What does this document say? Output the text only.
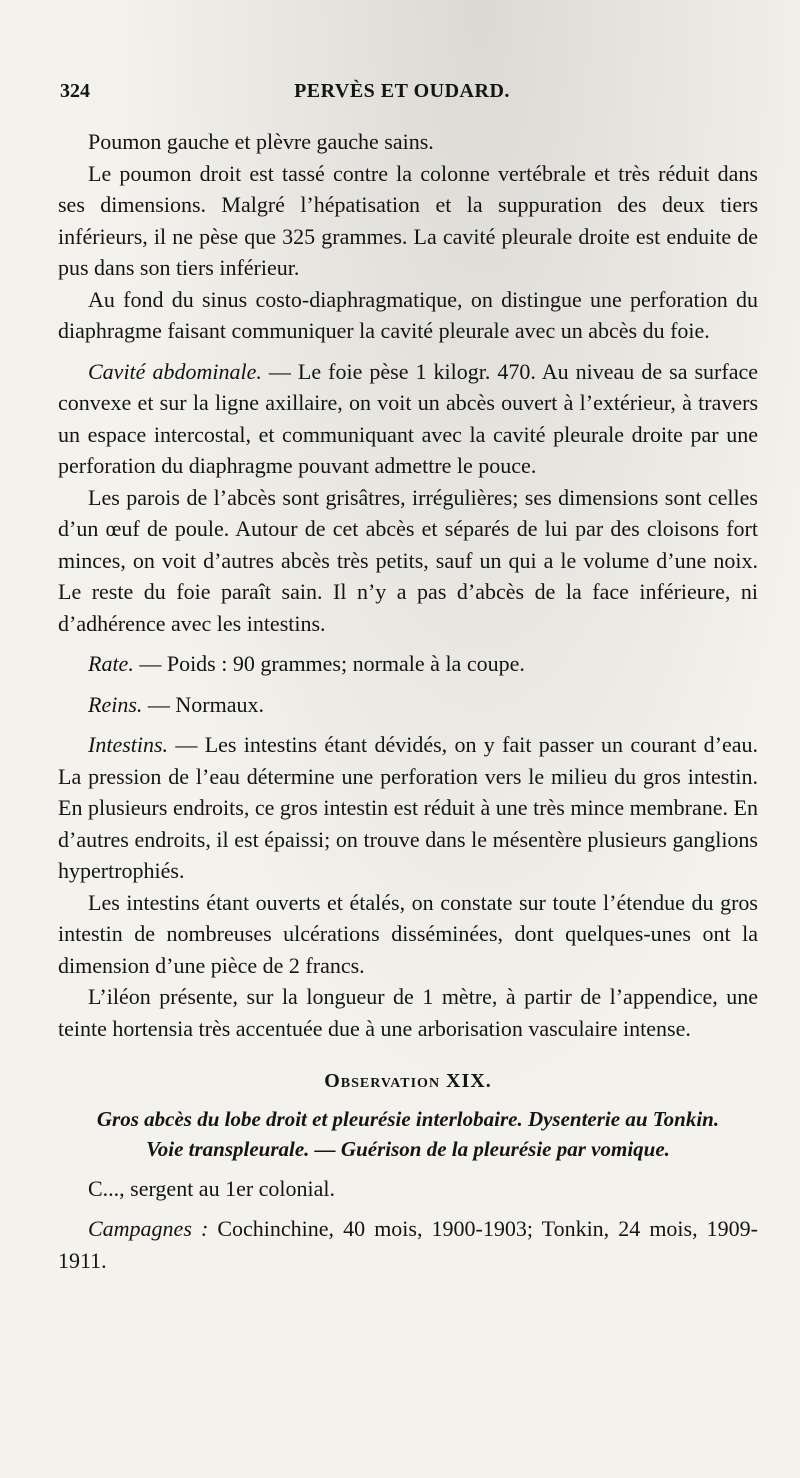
324	PERVÈS ET OUDARD.

Poumon gauche et plèvre gauche sains.

Le poumon droit est tassé contre la colonne vertébrale et très réduit dans ses dimensions. Malgré l’hépatisation et la suppuration des deux tiers inférieurs, il ne pèse que 325 grammes. La cavité pleurale droite est enduite de pus dans son tiers inférieur.

Au fond du sinus costo-diaphragmatique, on distingue une perforation du diaphragme faisant communiquer la cavité pleurale avec un abcès du foie.

Cavité abdominale. — Le foie pèse 1 kilogr. 470. Au niveau de sa surface convexe et sur la ligne axillaire, on voit un abcès ouvert à l’extérieur, à travers un espace intercostal, et communiquant avec la cavité pleurale droite par une perforation du diaphragme pouvant admettre le pouce.

Les parois de l’abcès sont grisâtres, irrégulières; ses dimensions sont celles d’un œuf de poule. Autour de cet abcès et séparés de lui par des cloisons fort minces, on voit d’autres abcès très petits, sauf un qui a le volume d’une noix. Le reste du foie paraît sain. Il n’y a pas d’abcès de la face inférieure, ni d’adhérence avec les intestins.

Rate. — Poids : 90 grammes; normale à la coupe.

Reins. — Normaux.

Intestins. — Les intestins étant dévidés, on y fait passer un courant d’eau. La pression de l’eau détermine une perforation vers le milieu du gros intestin. En plusieurs endroits, ce gros intestin est réduit à une très mince membrane. En d’autres endroits, il est épaissi; on trouve dans le mésentère plusieurs ganglions hypertrophiés.

Les intestins étant ouverts et étalés, on constate sur toute l’étendue du gros intestin de nombreuses ulcérations disséminées, dont quelques-unes ont la dimension d’une pièce de 2 francs.

L’iléon présente, sur la longueur de 1 mètre, à partir de l’appendice, une teinte hortensia très accentuée due à une arborisation vasculaire intense.

Observation XIX.
Gros abcès du lobe droit et pleurésie interlobaire. Dysenterie au Tonkin.
Voie transpleurale. — Guérison de la pleurésie par vomique.

C..., sergent au 1er colonial.

Campagnes : Cochinchine, 40 mois, 1900-1903; Tonkin, 24 mois, 1909-1911.
